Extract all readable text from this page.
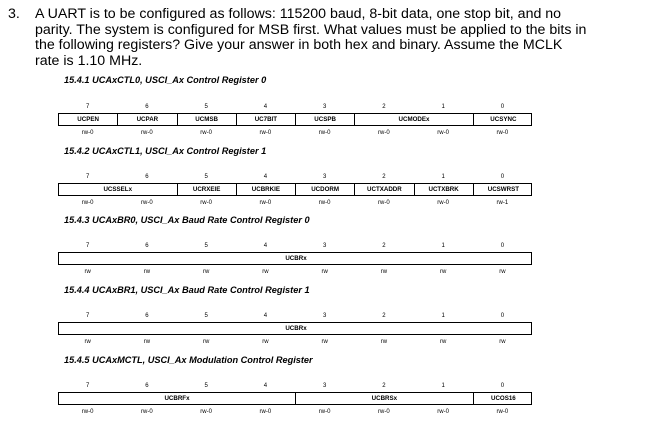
3. A UART is to be configured as follows: 115200 baud, 8-bit data, one stop bit, and no
parity. The system is configured for MSB first. What values must be applied to the bits in
the following registers? Give your answer in both hex and binary. Assume the MCLK
rate is 1.10 MHz.
15.4.1 UCAxCTL0, USCI_Ax Control Register 0
7	6	5	4	3	2	1	0
UCPEN	UCPAR	UCMSB	UC7BIT	UCSPB	UCMODEx	UCSYNC
rw-0	rw-0	rw-0	rw-0	rw-0	rw-0	rw-0	rw-0
15.4.2 UCAxCTL1, USCI_Ax Control Register 1
7	6	5	4	3	2	1	0
UCSSELx	UCRXEIE	UCBRKIE	UCDORM	UCTXADDR	UCTXBRK	UCSWRST
rw-0	rw-0	rw-0	rw-0	rw-0	rw-0	rw-0	rw-1
15.4.3 UCAxBR0, USCI_Ax Baud Rate Control Register 0
7	6	5	4	3	2	1	0
UCBRx
rw	rw	rw	rw	rw	rw	rw	rw
15.4.4 UCAxBR1, USCI_Ax Baud Rate Control Register 1
7	6	5	4	3	2	1	0
UCBRx
rw	rw	rw	rw	rw	rw	rw	rw
15.4.5 UCAxMCTL, USCI_Ax Modulation Control Register
7	6	5	4	3	2	1	0
UCBRFx	UCBRSx	UCOS16
rw-0	rw-0	rw-0	rw-0	rw-0	rw-0	rw-0	rw-0
